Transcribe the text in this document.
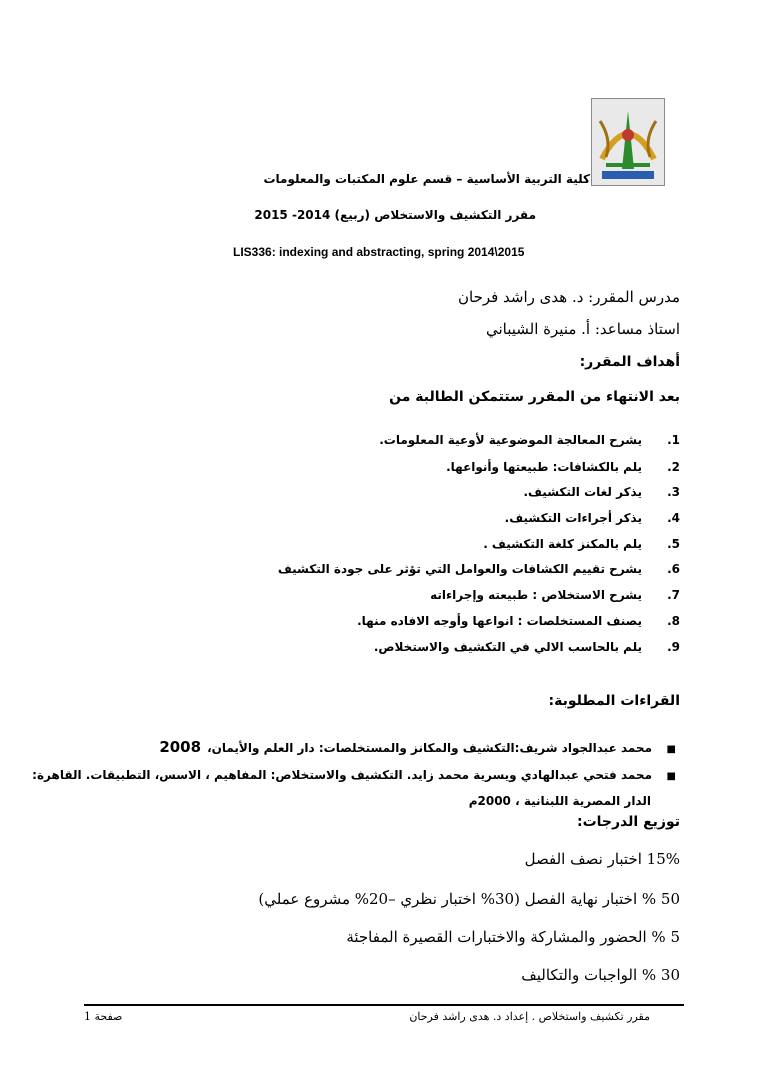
كلية التربية الأساسية – قسم علوم المكتبات والمعلومات
مقرر التكشيف والاستخلاص (ربيع) 2014- 2015
LIS336: indexing and abstracting, spring 2014\2015
مدرس المقرر: د. هدى راشد فرحان
استاذ مساعد: أ. منيرة الشيباني
أهداف المقرر:
بعد الانتهاء من المقرر ستتمكن الطالبة من
1 .
يشرح المعالجة الموضوعية لأوعية المعلومات.
2 .
يلم بالكشافات: طبيعتها وأنواعها.
3 .
يذكر لغات التكشيف.
4 .
يذكر أجراءات التكشيف.
5 .
يلم بالمكنز كلغة التكشيف .
6 .
يشرح تقييم الكشافات والعوامل التي تؤثر على جودة التكشيف
7 .
يشرح الاستخلاص : طبيعته وإجراءاته
8 .
يصنف المستخلصات : انواعها وأوجه الافاده منها.
9 .
يلم بالحاسب الالي في التكشيف والاستخلاص.
القراءات المطلوبة:
■
محمد عبدالجواد شريف:التكشيف والمكانز والمستخلصات: دار العلم والأيمان،
2008
■
محمد فتحي عبدالهادي ويسرية محمد زايد. التكشيف والاستخلاص: المفاهيم ، الاسس، التطبيقات. القاهرة:
الدار المصرية اللبنانية ، 2000م
توزيع الدرجات:
15% اختبار نصف الفصل
50 % اختبار نهاية الفصل (30% اختبار نظري –20% مشروع عملي)
5 % الحضور والمشاركة والاختبارات القصيرة المفاجئة
30 % الواجبات والتكاليف
مقرر تكشيف واستخلاص . إعداد د. هدى راشد فرحان
صفحة 1
